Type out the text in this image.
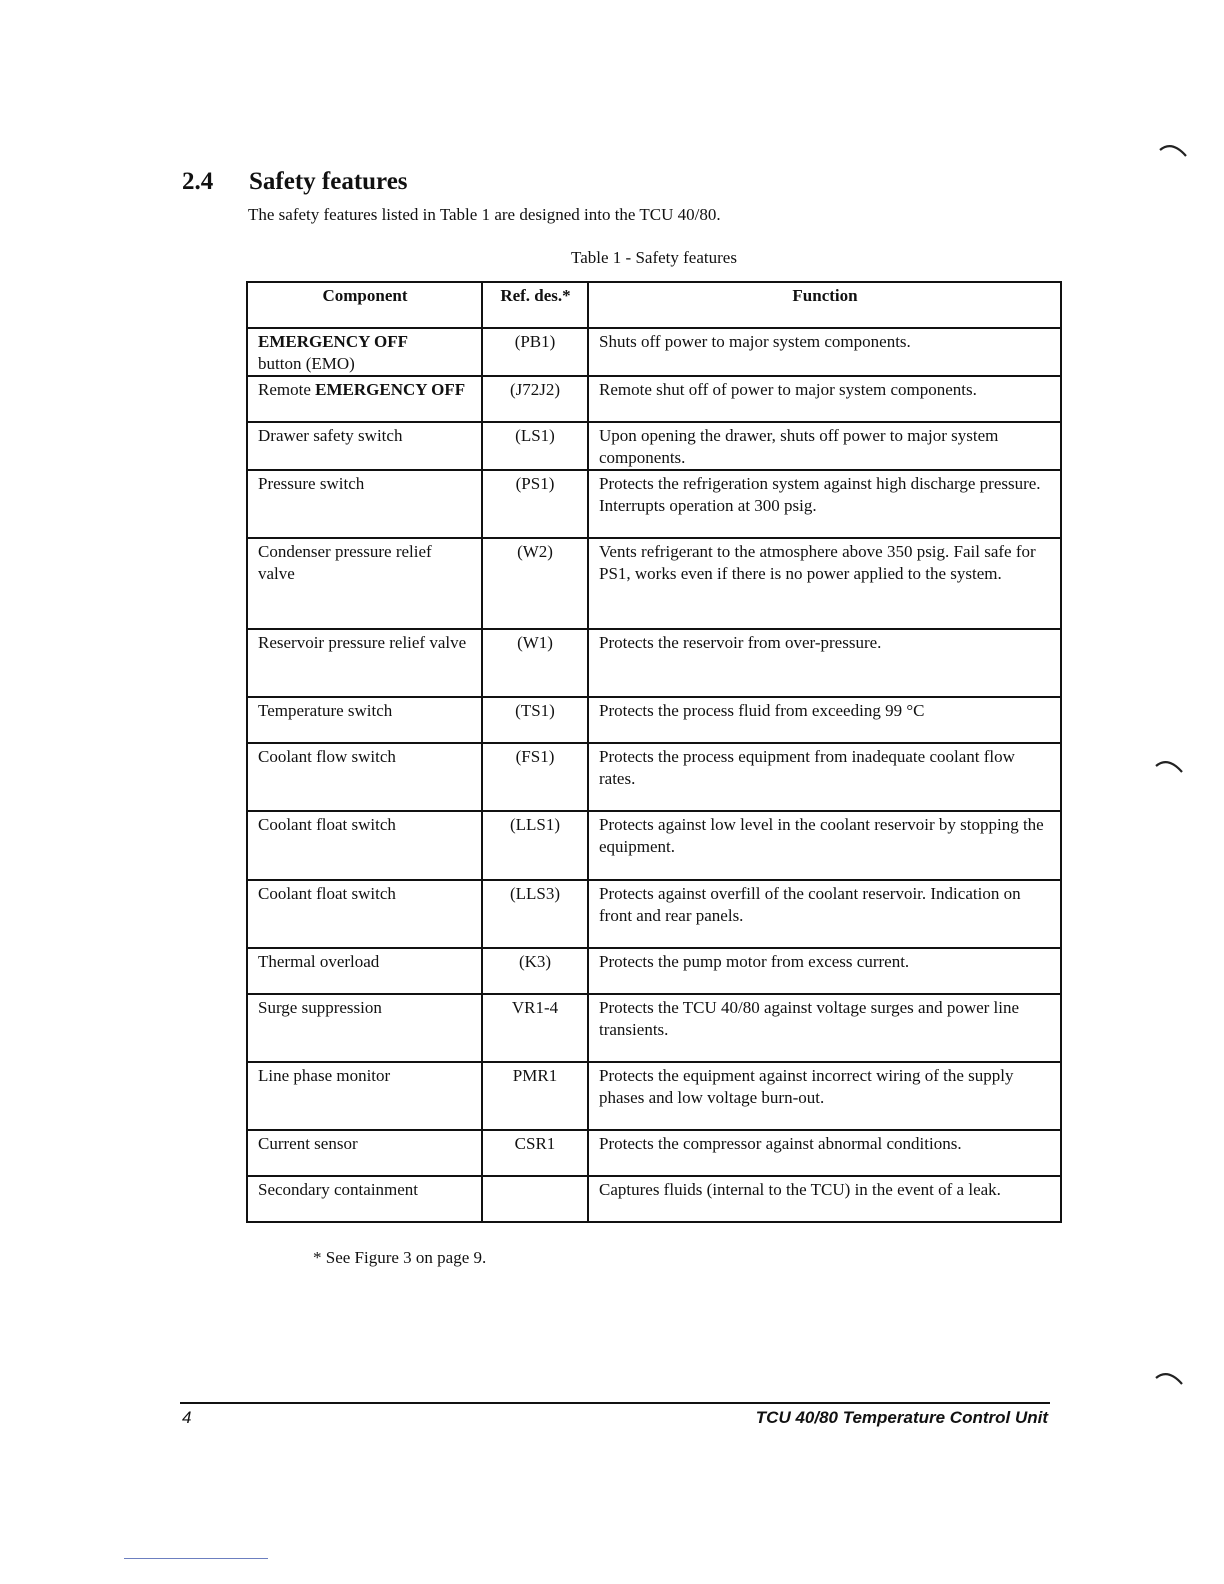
2.4 Safety features
The safety features listed in Table 1 are designed into the TCU 40/80.
Table 1 - Safety features
Component	Ref. des.*	Function
EMERGENCY OFF
button (EMO)	(PB1)	Shuts off power to major system components.
Remote EMERGENCY OFF	(J72J2)	Remote shut off of power to major system components.
Drawer safety switch	(LS1)	Upon opening the drawer, shuts off power to major system components.
Pressure switch	(PS1)	Protects the refrigeration system against high discharge pressure. Interrupts operation at 300 psig.
Condenser pressure relief valve	(W2)	Vents refrigerant to the atmosphere above 350 psig. Fail safe for PS1, works even if there is no power applied to the system.
Reservoir pressure relief valve	(W1)	Protects the reservoir from over-pressure.
Temperature switch	(TS1)	Protects the process fluid from exceeding 99 °C
Coolant flow switch	(FS1)	Protects the process equipment from inadequate coolant flow rates.
Coolant float switch	(LLS1)	Protects against low level in the coolant reservoir by stopping the equipment.
Coolant float switch	(LLS3)	Protects against overfill of the coolant reservoir. Indication on front and rear panels.
Thermal overload	(K3)	Protects the pump motor from excess current.
Surge suppression	VR1-4	Protects the TCU 40/80 against voltage surges and power line transients.
Line phase monitor	PMR1	Protects the equipment against incorrect wiring of the supply phases and low voltage burn-out.
Current sensor	CSR1	Protects the compressor against abnormal conditions.
Secondary containment		Captures fluids (internal to the TCU) in the event of a leak.
* See Figure 3 on page 9.
4	TCU 40/80 Temperature Control Unit
